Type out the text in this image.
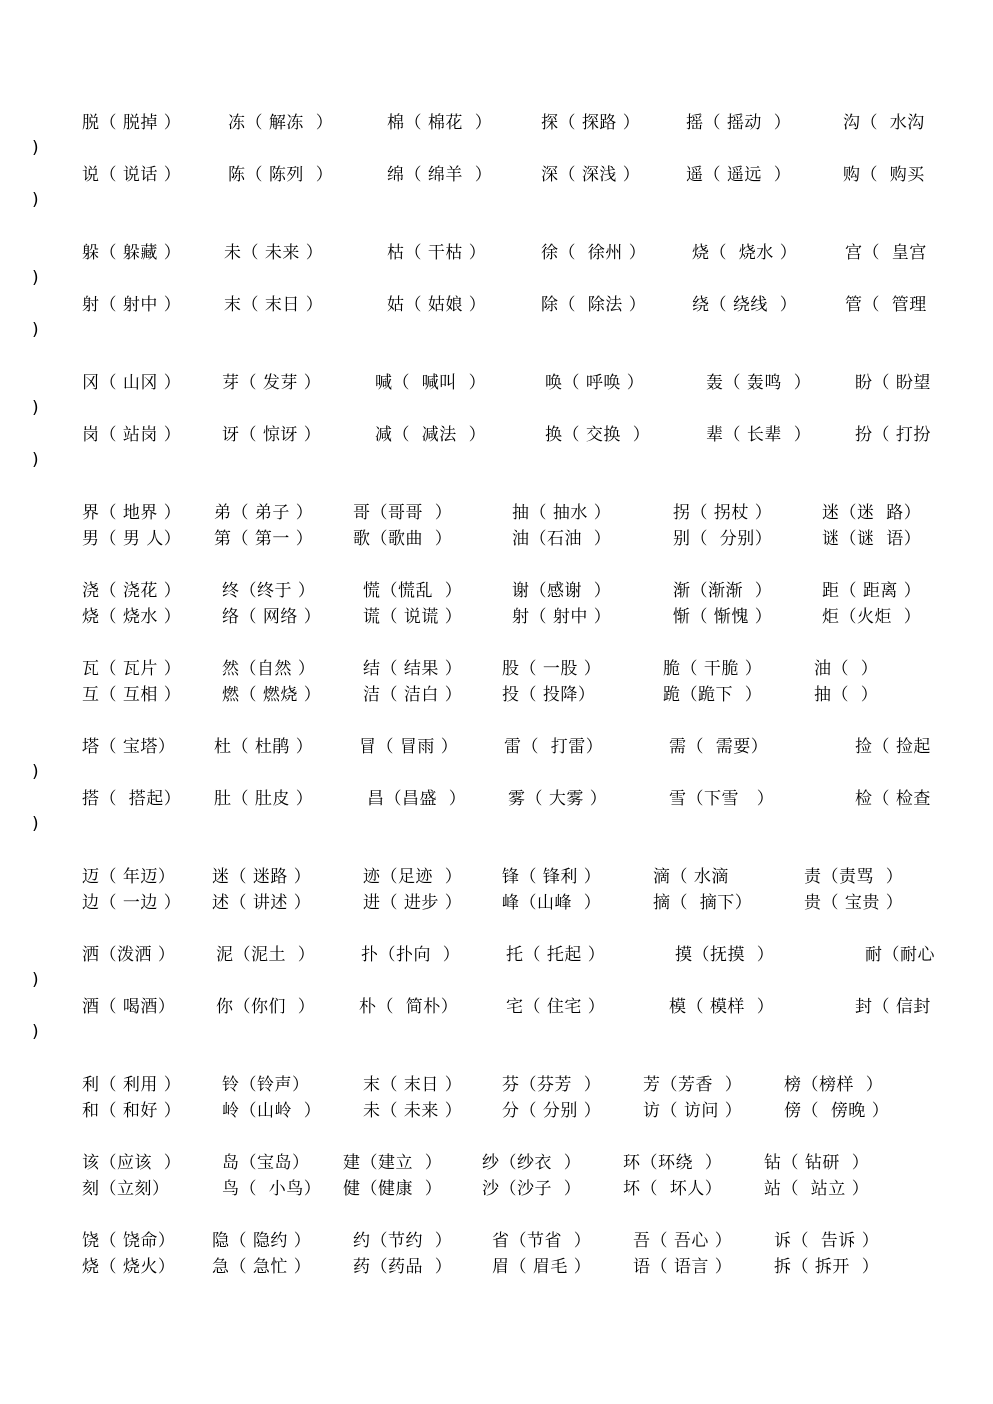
脱（ 脱掉 ）	冻（ 解冻  ）	棉（ 棉花  ）	探（ 探路 ）	摇（ 摇动  ）	沟（  水沟
)
说（ 说话 ）	陈（ 陈列  ）	绵（ 绵羊  ）	深（ 深浅 ）	遥（ 遥远  ）	购（  购买
)
躲（ 躲藏 ）	未（ 未来 ）	枯（ 干枯 ）	徐（  徐州 ）	烧（  烧水 ）	宫（  皇宫
)
射（ 射中 ）	末（ 末日 ）	姑（ 姑娘 ）	除（  除法 ）	绕（ 绕线  ）	管（  管理
)
冈（ 山冈 ） 芽（ 发芽 ）	喊（  喊叫  ）	唤（ 呼唤 ）	轰（ 轰鸣  ）	盼（ 盼望
)
岗（ 站岗 ） 讶（ 惊讶 ）	减（  减法  ）	换（ 交换  ）	辈（ 长辈  ）	扮（ 打扮
)
界（ 地界 ） 弟（ 弟子 ） 哥（哥哥  ）	抽（ 抽水 ）	拐（ 拐杖 ）	迷（迷  路）
男（ 男 人） 第（ 第一 ） 歌（歌曲  ）	油（石油  ）	别（  分别）	谜（谜  语）
浇（ 浇花 ） 终（终于 ）	慌（慌乱  ）	谢（感谢  ）	渐（渐渐  ）	距（ 距离 ）
烧（ 烧水 ） 络（ 网络 ） 谎（ 说谎 ）	射（ 射中 ）	惭（ 惭愧 ）	炬（火炬  ）
瓦（ 瓦片 ） 然（自然 ）	结（ 结果 ） 股（ 一股 ）	脆（ 干脆 ）	油（  ）
互（ 互相 ） 燃（ 燃烧 ） 洁（ 洁白 ） 投（ 投降）	跪（跪下  ）	抽（  ）
塔（ 宝塔） 杜（ 杜鹃 ）	冒（ 冒雨 ）	雷（  打雷）	需（  需要）	捡（ 捡起
)
搭（  搭起） 肚（ 肚皮 ）	昌（昌盛  ） 雾（ 大雾 ）	雪（下雪   ）	检（ 检查
)
迈（ 年迈） 迷（ 迷路 ）	迹（足迹  ） 锋（ 锋利 ）	滴（ 水滴	责（责骂  ）
边（ 一边 ） 述（ 讲述 ）	进（ 进步 ） 峰（山峰  ）	摘（  摘下）	贵（ 宝贵 ）
洒（泼洒 ） 泥（泥土  ）	扑（扑向  ）	托（ 托起 ）	摸（抚摸  ）	耐（耐心
)
酒（ 喝酒） 你（你们  ）	朴（  简朴）	宅（ 住宅 ）	模（ 模样  ）	封（ 信封
)
利（ 利用 ） 铃（铃声）	末（ 末日 ） 芬（芬芳  ） 芳（芳香  ） 榜（榜样  ）
和（ 和好 ） 岭（山岭  ） 未（ 未来 ） 分（ 分别 ） 访（ 访问 ） 傍（  傍晚 ）
该（应该  ） 岛（宝岛） 建（建立  ） 纱（纱衣  ） 环（环绕  ） 钻（ 钻研  ）
刻（立刻）	鸟（  小鸟） 健（健康  ） 沙（沙子  ） 坏（  坏人） 站（  站立 ）
饶（ 饶命） 隐（ 隐约 ） 约（节约  ） 省（节省  ） 吾（ 吾心 ） 诉（  告诉 ）
烧（ 烧火） 急（ 急忙 ） 药（药品  ） 眉（ 眉毛 ） 语（ 语言 ） 拆（ 拆开  ）
